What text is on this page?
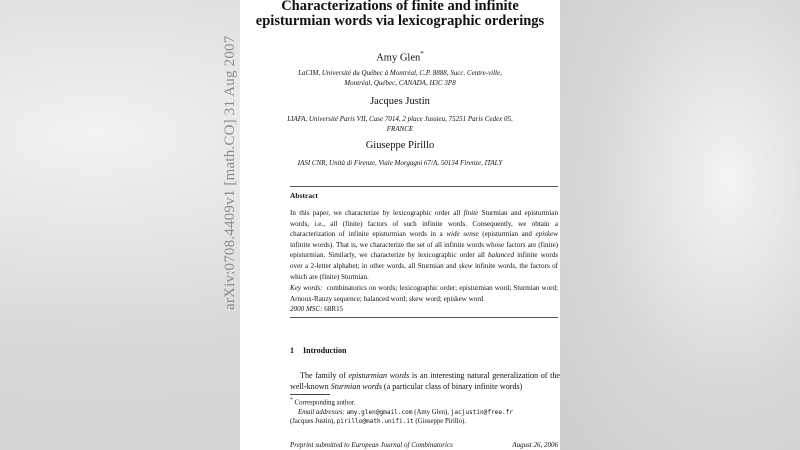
Characterizations of finite and infinite
episturmian words via lexicographic orderings
Amy Glen*
LaCIM, Université du Québec à Montréal, C.P. 8888, Succ. Centre-ville,
Montréal, Québec, CANADA, H3C 3P8
Jacques Justin
LIAFA, Université Paris VII, Case 7014, 2 place Jussieu, 75251 Paris Cedex 05,
FRANCE
Giuseppe Pirillo
IASI CNR, Unità di Firenze, Viale Morgagni 67/A, 50134 Firenze, ITALY
Abstract
In this paper, we characterize by lexicographic order all finite Sturmian and episturmian words, i.e., all (finite) factors of such infinite words. Consequently, we obtain a characterization of infinite episturmian words in a wide sense (episturmian and episkew infinite words). That is, we characterize the set of all infinite words whose factors are (finite) episturmian. Similarly, we characterize by lexicographic order all balanced infinite words over a 2-letter alphabet; in other words, all Sturmian and skew infinite words, the factors of which are (finite) Sturmian.
Key words: combinatorics on words; lexicographic order; episturmian word; Sturmian word; Arnoux-Rauzy sequence; balanced word; skew word; episkew word
2000 MSC: 68R15
1 Introduction
The family of episturmian words is an interesting natural generalization of the well-known Sturmian words (a particular class of binary infinite words)
* Corresponding author.
Email addresses: amy.glen@gmail.com (Amy Glen), jacjustin@free.fr
(Jacques Justin), pirillo@math.unifi.it (Giuseppe Pirillo).
Preprint submitted to European Journal of Combinatorics	August 26, 2006
arXiv:0708.4409v1 [math.CO] 31 Aug 2007
